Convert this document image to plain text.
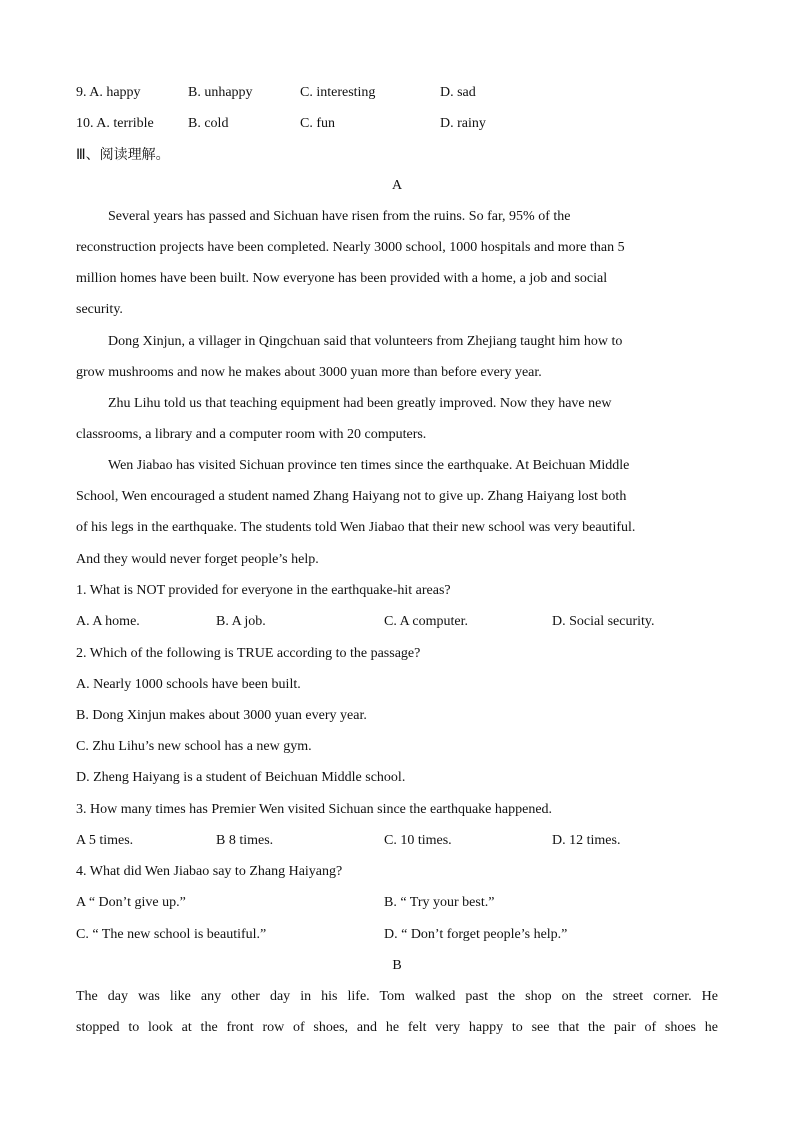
9. A. happy	B. unhappy	C. interesting	D. sad
10. A. terrible B. cold	C. fun	D. rainy
Ⅲ、阅读理解。
A
Several years has passed and Sichuan have risen from the ruins. So far, 95% of the
reconstruction projects have been completed. Nearly 3000 school, 1000 hospitals and more than 5
million homes have been built. Now everyone has been provided with a home, a job and social
security.
Dong Xinjun, a villager in Qingchuan said that volunteers from Zhejiang taught him how to
grow mushrooms and now he makes about 3000 yuan more than before every year.
Zhu Lihu told us that teaching equipment had been greatly improved. Now they have new
classrooms, a library and a computer room with 20 computers.
Wen Jiabao has visited Sichuan province ten times since the earthquake. At Beichuan Middle
School, Wen encouraged a student named Zhang Haiyang not to give up. Zhang Haiyang lost both
of his legs in the earthquake. The students told Wen Jiabao that their new school was very beautiful.
And they would never forget people’s help.
1. What is NOT provided for everyone in the earthquake-hit areas?
A. A home.	B. A job.	C. A computer.	D. Social security.
2. Which of the following is TRUE according to the passage?
A. Nearly 1000 schools have been built.
B. Dong Xinjun makes about 3000 yuan every year.
C. Zhu Lihu’s new school has a new gym.
D. Zheng Haiyang is a student of Beichuan Middle school.
3. How many times has Premier Wen visited Sichuan since the earthquake happened.
A 5 times.	B 8 times.	C. 10 times.	D. 12 times.
4. What did Wen Jiabao say to Zhang Haiyang?
A “ Don’t give up.”	B. “ Try your best.”
C. “ The new school is beautiful.”	D. “ Don’t forget people’s help.”
B
The day was like any other day in his life. Tom walked past the shop on the street corner. He
stopped to look at the front row of shoes, and he felt very happy to see that the pair of shoes he
